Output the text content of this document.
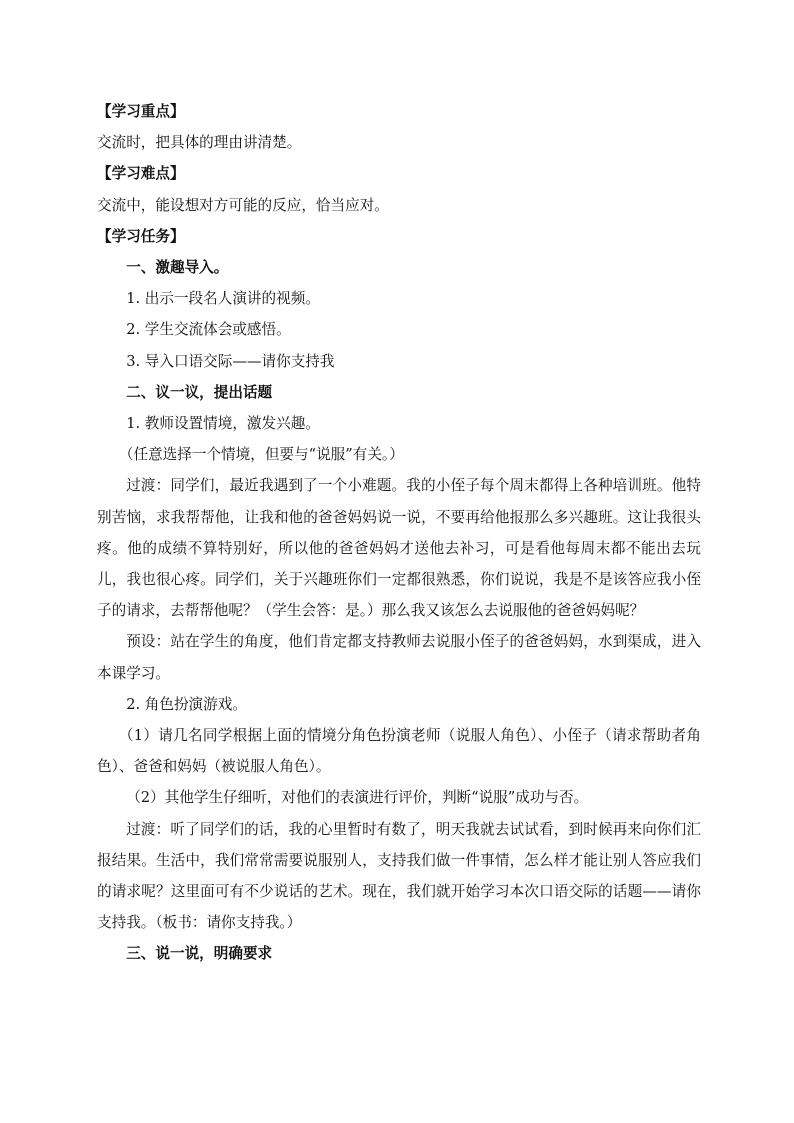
【学习重点】

交流时，把具体的理由讲清楚。

【学习难点】

交流中，能设想对方可能的反应，恰当应对。

【学习任务】

一、激趣导入。

1. 出示一段名人演讲的视频。

2. 学生交流体会或感悟。

3. 导入口语交际——请你支持我

二、议一议，提出话题

1. 教师设置情境，激发兴趣。

（任意选择一个情境，但要与“说服”有关。）

过渡：同学们，最近我遇到了一个小难题。我的小侄子每个周末都得上各种培训班。他特别苦恼，求我帮帮他，让我和他的爸爸妈妈说一说，不要再给他报那么多兴趣班。这让我很头疼。他的成绩不算特别好，所以他的爸爸妈妈才送他去补习，可是看他每周末都不能出去玩儿，我也很心疼。同学们，关于兴趣班你们一定都很熟悉，你们说说，我是不是该答应我小侄子的请求，去帮帮他呢？（学生会答：是。）那么我又该怎么去说服他的爸爸妈妈呢？

预设：站在学生的角度，他们肯定都支持教师去说服小侄子的爸爸妈妈，水到渠成，进入本课学习。

2. 角色扮演游戏。

（1）请几名同学根据上面的情境分角色扮演老师（说服人角色）、小侄子（请求帮助者角色）、爸爸和妈妈（被说服人角色）。

（2）其他学生仔细听，对他们的表演进行评价，判断“说服”成功与否。

过渡：听了同学们的话，我的心里暂时有数了，明天我就去试试看，到时候再来向你们汇报结果。生活中，我们常常需要说服别人，支持我们做一件事情，怎么样才能让别人答应我们的请求呢？这里面可有不少说话的艺术。现在，我们就开始学习本次口语交际的话题——请你支持我。（板书：请你支持我。）

三、说一说，明确要求
